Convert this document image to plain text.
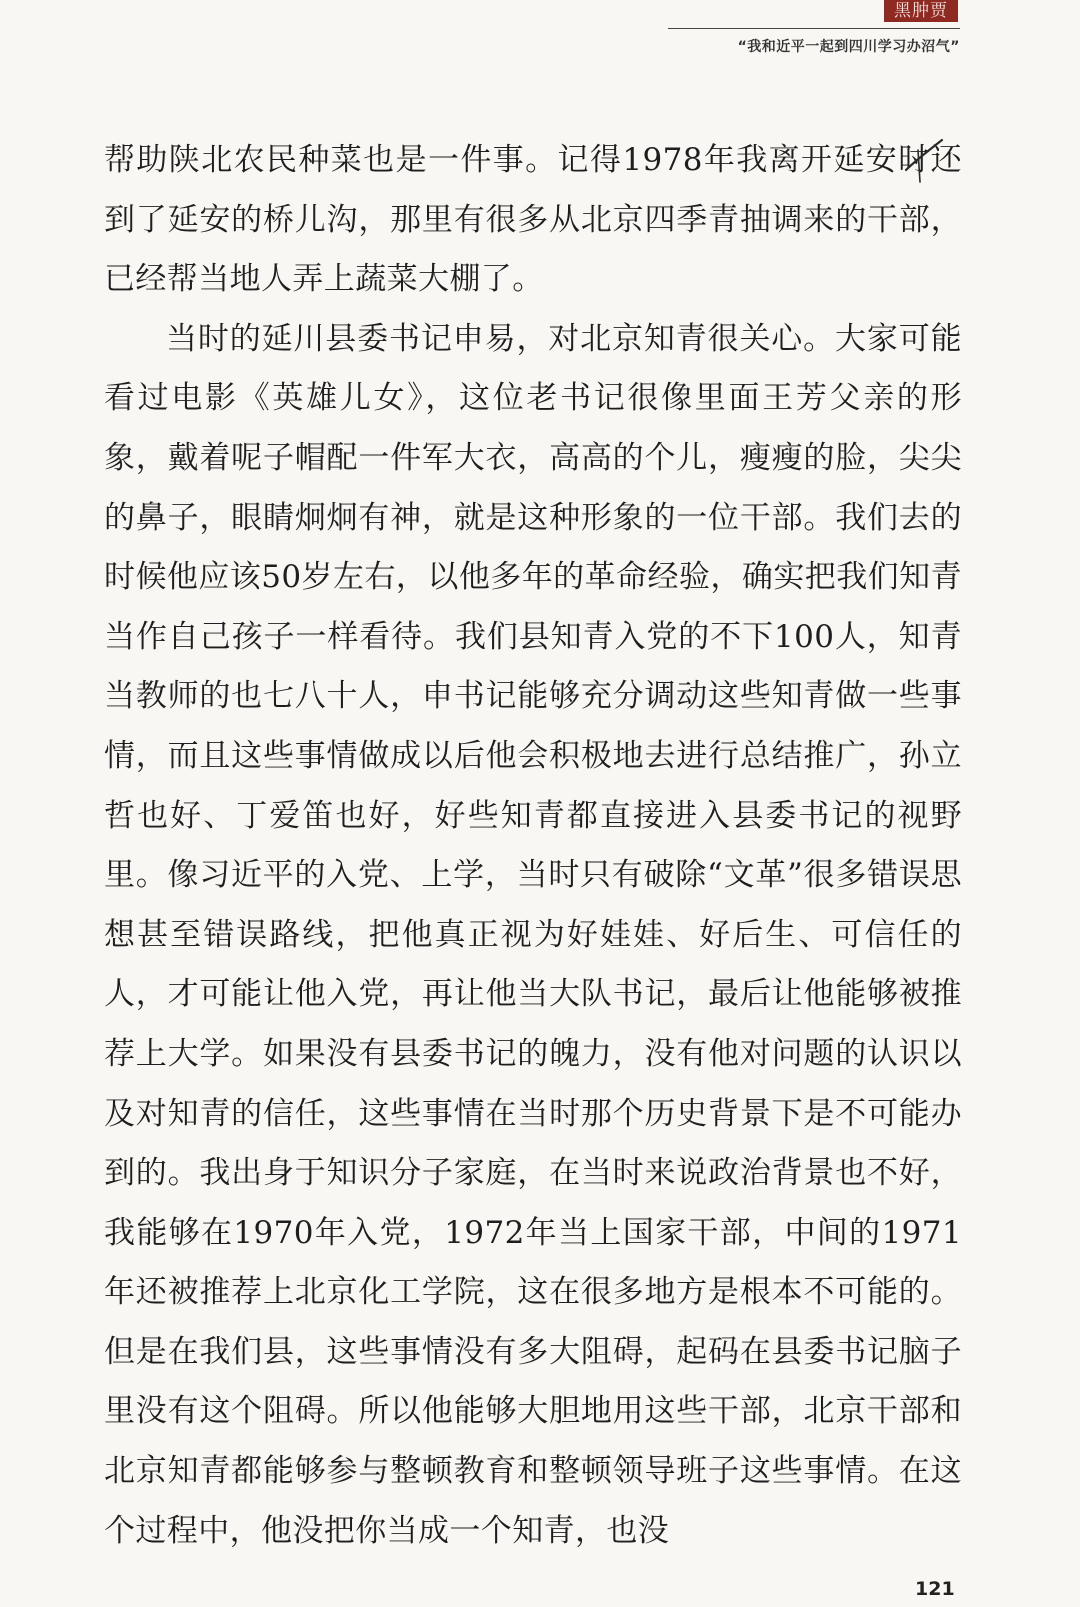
黑肿贾
“我和近平一起到四川学习办沼气”

帮助陕北农民种菜也是一件事。记得1978年我离开延安时还到了延安的桥儿沟，那里有很多从北京四季青抽调来的干部，已经帮当地人弄上蔬菜大棚了。

当时的延川县委书记申易，对北京知青很关心。大家可能看过电影《英雄儿女》，这位老书记很像里面王芳父亲的形象，戴着呢子帽配一件军大衣，高高的个儿，瘦瘦的脸，尖尖的鼻子，眼睛炯炯有神，就是这种形象的一位干部。我们去的时候他应该50岁左右，以他多年的革命经验，确实把我们知青当作自己孩子一样看待。我们县知青入党的不下100人，知青当教师的也七八十人，申书记能够充分调动这些知青做一些事情，而且这些事情做成以后他会积极地去进行总结推广，孙立哲也好、丁爱笛也好，好些知青都直接进入县委书记的视野里。像习近平的入党、上学，当时只有破除“文革”很多错误思想甚至错误路线，把他真正视为好娃娃、好后生、可信任的人，才可能让他入党，再让他当大队书记，最后让他能够被推荐上大学。如果没有县委书记的魄力，没有他对问题的认识以及对知青的信任，这些事情在当时那个历史背景下是不可能办到的。我出身于知识分子家庭，在当时来说政治背景也不好，我能够在1970年入党，1972年当上国家干部，中间的1971年还被推荐上北京化工学院，这在很多地方是根本不可能的。但是在我们县，这些事情没有多大阻碍，起码在县委书记脑子里没有这个阻碍。所以他能够大胆地用这些干部，北京干部和北京知青都能够参与整顿教育和整顿领导班子这些事情。在这个过程中，他没把你当成一个知青，也没

121
